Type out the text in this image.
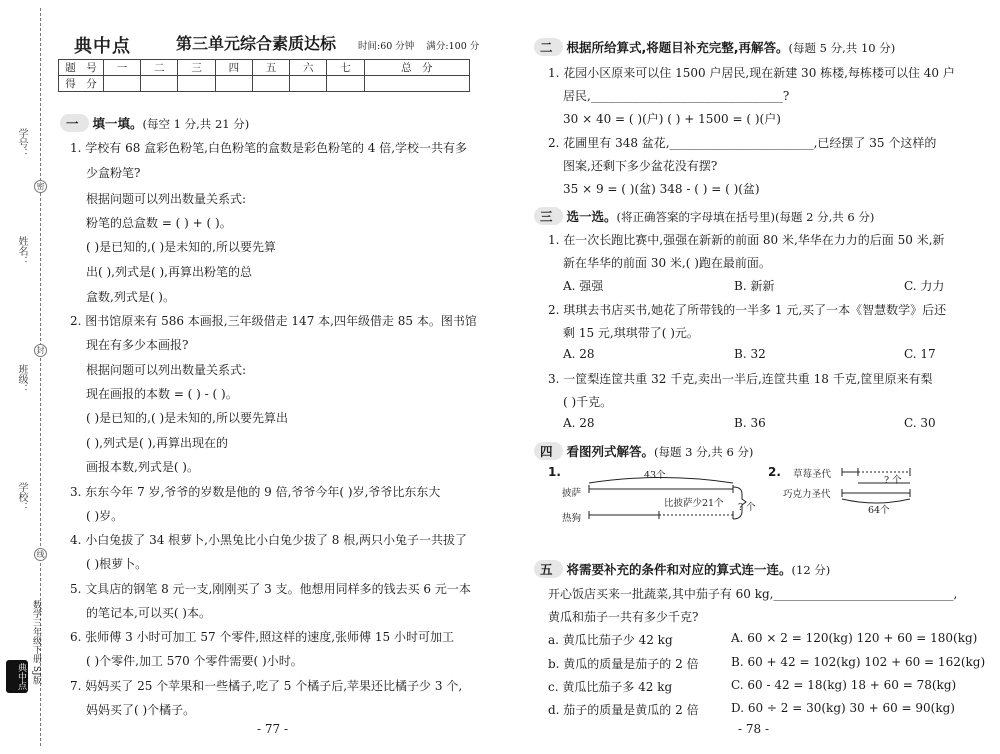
学号：
密
姓名：
封
班级：
学校：
线
典中点 数学三年级下册 SJ版
典中点	第三单元综合素质达标 时间:60 分钟 满分:100 分
题　号	一	二	三	四	五	六	七	总　分
得　分								
一 填一填。(每空 1 分,共 21 分)
1. 学校有 68 盒彩色粉笔,白色粉笔的盒数是彩色粉笔的 4 倍,学校一共有多
少盒粉笔?
根据问题可以列出数量关系式:
粉笔的总盒数 = ( ) + ( )。
( )是已知的,( )是未知的,所以要先算
出( ),列式是( ),再算出粉笔的总
盒数,列式是( )。
2. 图书馆原来有 586 本画报,三年级借走 147 本,四年级借走 85 本。图书馆
现在有多少本画报?
根据问题可以列出数量关系式:
现在画报的本数 = ( ) - ( )。
( )是已知的,( )是未知的,所以要先算出
( ),列式是( ),再算出现在的
画报本数,列式是( )。
3. 东东今年 7 岁,爷爷的岁数是他的 9 倍,爷爷今年( )岁,爷爷比东东大
( )岁。
4. 小白兔拔了 34 根萝卜,小黑兔比小白兔少拔了 8 根,两只小兔子一共拔了
( )根萝卜。
5. 文具店的钢笔 8 元一支,刚刚买了 3 支。他想用同样多的钱去买 6 元一本
的笔记本,可以买( )本。
6. 张师傅 3 小时可加工 57 个零件,照这样的速度,张师傅 15 小时可加工
( )个零件,加工 570 个零件需要( )小时。
7. 妈妈买了 25 个苹果和一些橘子,吃了 5 个橘子后,苹果还比橘子少 3 个,
妈妈买了( )个橘子。
- 77 -
二 根据所给算式,将题目补充完整,再解答。(每题 5 分,共 10 分)
1. 花园小区原来可以住 1500 户居民,现在新建 30 栋楼,每栋楼可以住 40 户
居民,________________________________?
30 × 40 = ( )(户) ( ) + 1500 = ( )(户)
2. 花圃里有 348 盆花,________________________,已经摆了 35 个这样的
图案,还剩下多少盆花没有摆?
35 × 9 = ( )(盆) 348 - ( ) = ( )(盆)
三 选一选。(将正确答案的字母填在括号里)(每题 2 分,共 6 分)
1. 在一次长跑比赛中,强强在新新的前面 80 米,华华在力力的后面 50 米,新
新在华华的前面 30 米,( )跑在最前面。
A. 强强	B. 新新	C. 力力
2. 琪琪去书店买书,她花了所带钱的一半多 1 元,买了一本《智慧数学》后还
剩 15 元,琪琪带了( )元。
A. 28	B. 32	C. 17
3. 一筐梨连筐共重 32 千克,卖出一半后,连筐共重 18 千克,筐里原来有梨
( )千克。
A. 28	B. 36	C. 30
四 看图列式解答。(每题 3 分,共 6 分)
1.	43个
披萨
热狗
比披萨少21个 ? 个
2. 草莓圣代
巧克力圣代
? 个
64个
五 将需要补充的条件和对应的算式连一连。(12 分)
开心饭店买来一批蔬菜,其中茄子有 60 kg,______________________________,
黄瓜和茄子一共有多少千克?
a. 黄瓜比茄子少 42 kg
b. 黄瓜的质量是茄子的 2 倍
c. 黄瓜比茄子多 42 kg
d. 茄子的质量是黄瓜的 2 倍
A. 60 × 2 = 120(kg) 120 + 60 = 180(kg)
B. 60 + 42 = 102(kg) 102 + 60 = 162(kg)
C. 60 - 42 = 18(kg) 18 + 60 = 78(kg)
D. 60 ÷ 2 = 30(kg) 30 + 60 = 90(kg)
- 78 -
